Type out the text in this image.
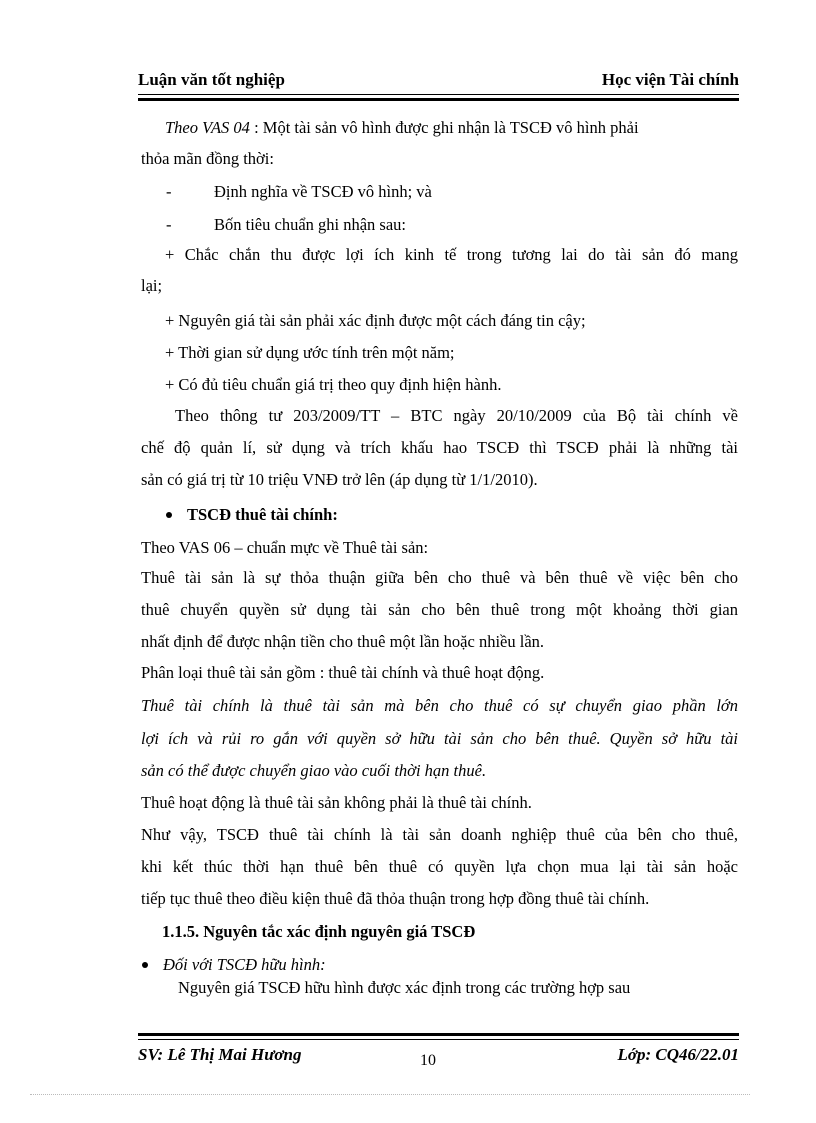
Luận văn tốt nghiệp	Học viện Tài chính
Theo VAS 04 : Một tài sản vô hình được ghi nhận là TSCĐ vô hình phải
thỏa mãn đồng thời:
-	Định nghĩa về TSCĐ vô hình; và
-	Bốn tiêu chuẩn ghi nhận sau:
+ Chắc chắn thu được lợi ích kinh tế trong tương lai do tài sản đó mang
lại;
+ Nguyên giá tài sản phải xác định được một cách đáng tin cậy;
+ Thời gian sử dụng ước tính trên một năm;
+ Có đủ tiêu chuẩn giá trị theo quy định hiện hành.
Theo thông tư 203/2009/TT – BTC ngày 20/10/2009 của Bộ tài chính về
chế độ quản lí, sử dụng và trích khấu hao TSCĐ thì TSCĐ phải là những tài
sản có giá trị từ 10 triệu VNĐ trở lên (áp dụng từ 1/1/2010).
TSCĐ thuê tài chính:
Theo VAS 06 – chuẩn mực về Thuê tài sản:
Thuê tài sản là sự thỏa thuận giữa bên cho thuê và bên thuê về việc bên cho
thuê chuyển quyền sử dụng tài sản cho bên thuê trong một khoảng thời gian
nhất định để được nhận tiền cho thuê một lần hoặc nhiều lần.
Phân loại thuê tài sản gồm : thuê tài chính và thuê hoạt động.
Thuê tài chính là thuê tài sản mà bên cho thuê có sự chuyển giao phần lớn
lợi ích và rủi ro gắn với quyền sở hữu tài sản cho bên thuê. Quyền sở hữu tài
sản có thể được chuyển giao vào cuối thời hạn thuê.
Thuê hoạt động là thuê tài sản không phải là thuê tài chính.
Như vậy, TSCĐ thuê tài chính là tài sản doanh nghiệp thuê của bên cho thuê,
khi kết thúc thời hạn thuê bên thuê có quyền lựa chọn mua lại tài sản hoặc
tiếp tục thuê theo điều kiện thuê đã thỏa thuận trong hợp đồng thuê tài chính.
1.1.5. Nguyên tắc xác định nguyên giá TSCĐ
Đối với TSCĐ hữu hình:
Nguyên giá TSCĐ hữu hình được xác định trong các trường hợp sau
SV: Lê Thị Mai Hương	10	Lớp: CQ46/22.01
